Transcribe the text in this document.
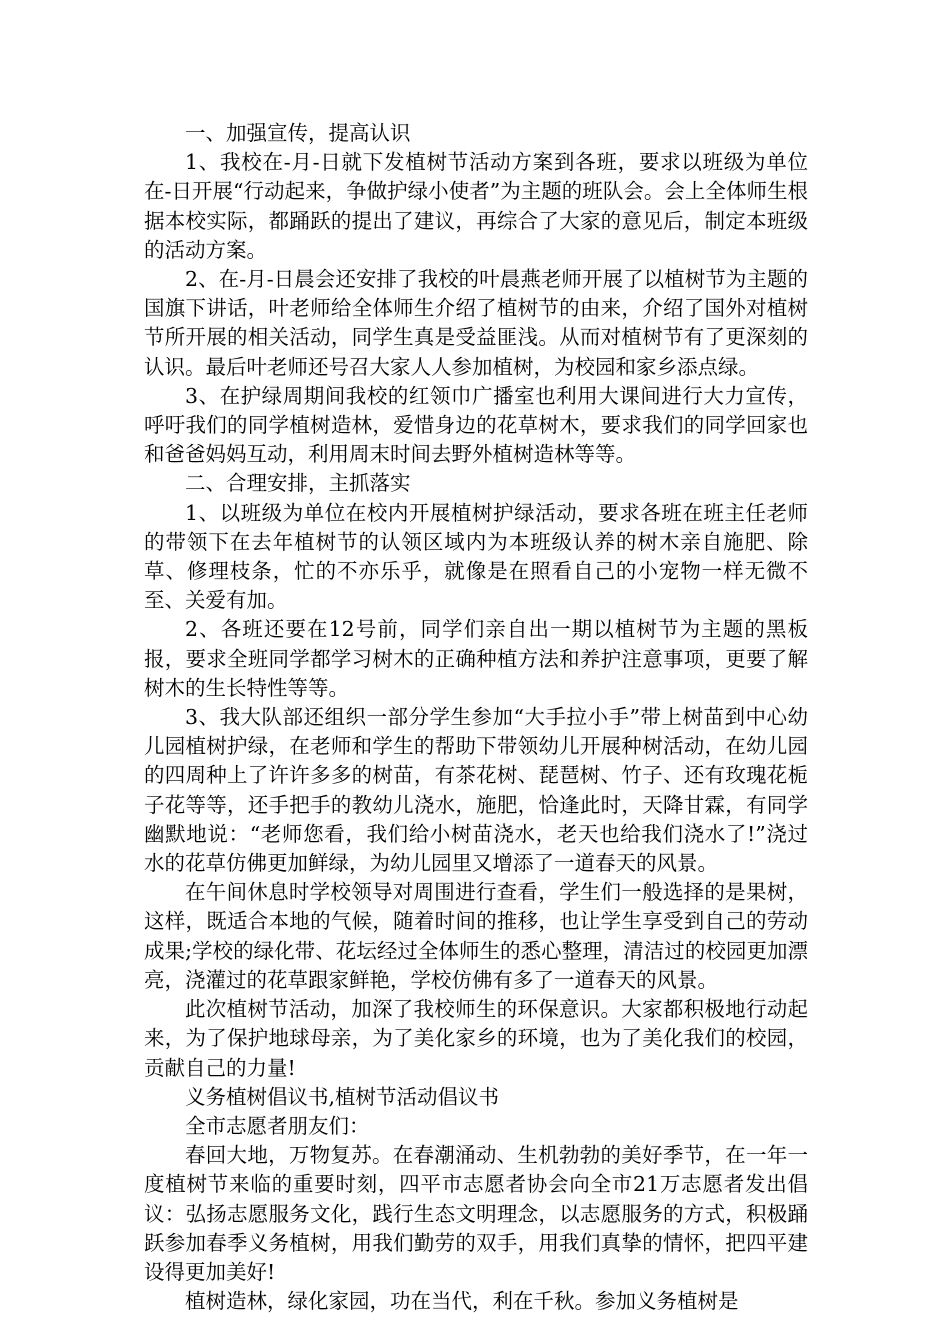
一、加强宣传，提高认识

1、我校在-月-日就下发植树节活动方案到各班，要求以班级为单位在-日开展“行动起来，争做护绿小使者”为主题的班队会。会上全体师生根据本校实际，都踊跃的提出了建议，再综合了大家的意见后，制定本班级的活动方案。

2、在-月-日晨会还安排了我校的叶晨燕老师开展了以植树节为主题的国旗下讲话，叶老师给全体师生介绍了植树节的由来，介绍了国外对植树节所开展的相关活动，同学生真是受益匪浅。从而对植树节有了更深刻的认识。最后叶老师还号召大家人人参加植树，为校园和家乡添点绿。

3、在护绿周期间我校的红领巾广播室也利用大课间进行大力宣传，呼吁我们的同学植树造林，爱惜身边的花草树木，要求我们的同学回家也和爸爸妈妈互动，利用周末时间去野外植树造林等等。

二、合理安排，主抓落实

1、以班级为单位在校内开展植树护绿活动，要求各班在班主任老师的带领下在去年植树节的认领区域内为本班级认养的树木亲自施肥、除草、修理枝条，忙的不亦乐乎，就像是在照看自己的小宠物一样无微不至、关爱有加。

2、各班还要在12号前，同学们亲自出一期以植树节为主题的黑板报，要求全班同学都学习树木的正确种植方法和养护注意事项，更要了解树木的生长特性等等。

3、我大队部还组织一部分学生参加“大手拉小手”带上树苗到中心幼儿园植树护绿，在老师和学生的帮助下带领幼儿开展种树活动，在幼儿园的四周种上了许许多多的树苗，有茶花树、琵琶树、竹子、还有玫瑰花栀子花等等，还手把手的教幼儿浇水，施肥，恰逢此时，天降甘霖，有同学幽默地说：“老师您看，我们给小树苗浇水，老天也给我们浇水了!”浇过水的花草仿佛更加鲜绿，为幼儿园里又增添了一道春天的风景。

在午间休息时学校领导对周围进行查看，学生们一般选择的是果树，这样，既适合本地的气候，随着时间的推移，也让学生享受到自己的劳动成果;学校的绿化带、花坛经过全体师生的悉心整理，清洁过的校园更加漂亮，浇灌过的花草跟家鲜艳，学校仿佛有多了一道春天的风景。

此次植树节活动，加深了我校师生的环保意识。大家都积极地行动起来，为了保护地球母亲，为了美化家乡的环境，也为了美化我们的校园，贡献自己的力量!

义务植树倡议书,植树节活动倡议书

全市志愿者朋友们：

春回大地，万物复苏。在春潮涌动、生机勃勃的美好季节，在一年一度植树节来临的重要时刻，四平市志愿者协会向全市21万志愿者发出倡议：弘扬志愿服务文化，践行生态文明理念，以志愿服务的方式，积极踊跃参加春季义务植树，用我们勤劳的双手，用我们真挚的情怀，把四平建设得更加美好!

植树造林，绿化家园，功在当代，利在千秋。参加义务植树是
